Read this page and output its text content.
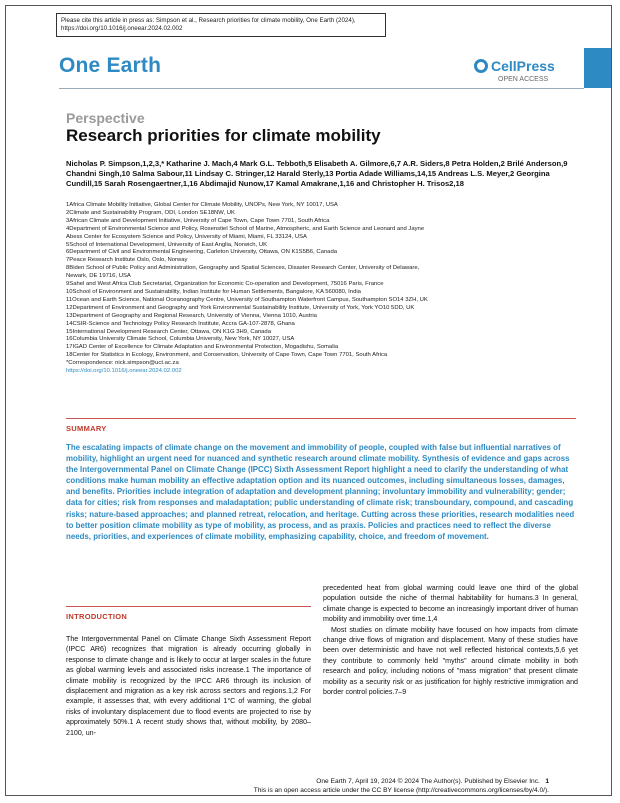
Please cite this article in press as: Simpson et al., Research priorities for climate mobility, One Earth (2024), https://doi.org/10.1016/j.oneear.2024.02.002
One Earth	CellPress
OPEN ACCESS
Perspective
Research priorities for climate mobility
Nicholas P. Simpson,1,2,3,* Katharine J. Mach,4 Mark G.L. Tebboth,5 Elisabeth A. Gilmore,6,7 A.R. Siders,8 Petra Holden,2 Brilé Anderson,9 Chandni Singh,10 Salma Sabour,11 Lindsay C. Stringer,12 Harald Sterly,13 Portia Adade Williams,14,15 Andreas L.S. Meyer,2 Georgina Cundill,15 Sarah Rosengaertner,1,16 Abdimajid Nunow,17 Kamal Amakrane,1,16 and Christopher H. Trisos2,18
1Africa Climate Mobility Initiative, Global Center for Climate Mobility, UNOPs, New York, NY 10017, USA
2Climate and Sustainability Program, ODI, London SE18NW, UK
3African Climate and Development Initiative, University of Cape Town, Cape Town 7701, South Africa
4Department of Environmental Science and Policy, Rosenstiel School of Marine, Atmospheric, and Earth Science and Leonard and Jayne
Abess Center for Ecosystem Science and Policy, University of Miami, Miami, FL 33124, USA
5School of International Development, University of East Anglia, Norwich, UK
6Department of Civil and Environmental Engineering, Carleton University, Ottawa, ON K1S5B6, Canada
7Peace Research Institute Oslo, Oslo, Norway
8Biden School of Public Policy and Administration, Geography and Spatial Sciences, Disaster Research Center, University of Delaware,
Newark, DE 19716, USA
9Sahel and West Africa Club Secretariat, Organization for Economic Co-operation and Development, 75016 Paris, France
10School of Environment and Sustainability, Indian Institute for Human Settlements, Bangalore, KA 560080, India
11Ocean and Earth Science, National Oceanography Centre, University of Southampton Waterfront Campus, Southampton SO14 3ZH, UK
12Department of Environment and Geography and York Environmental Sustainability Institute, University of York, York YO10 5DD, UK
13Department of Geography and Regional Research, University of Vienna, Vienna 1010, Austria
14CSIR-Science and Technology Policy Research Institute, Accra GA-107-2878, Ghana
15International Development Research Center, Ottawa, ON K1G 3H9, Canada
16Columbia University Climate School, Columbia University, New York, NY 10027, USA
17IGAD Center of Excellence for Climate Adaptation and Environmental Protection, Mogadishu, Somalia
18Center for Statistics in Ecology, Environment, and Conservation, University of Cape Town, Cape Town 7701, South Africa
*Correspondence: nick.simpson@uct.ac.za
https://doi.org/10.1016/j.oneear.2024.02.002
SUMMARY
The escalating impacts of climate change on the movement and immobility of people, coupled with false but influential narratives of mobility, highlight an urgent need for nuanced and synthetic research around climate mobility. Synthesis of evidence and gaps across the Intergovernmental Panel on Climate Change (IPCC) Sixth Assessment Report highlight a need to clarify the understanding of what conditions make human mobility an effective adaptation option and its nuanced outcomes, including simultaneous losses, damages, and benefits. Priorities include integration of adaptation and development planning; involuntary immobility and vulnerability; gender; data for cities; risk from responses and maladaptation; public understanding of climate risk; transboundary, compound, and cascading risks; nature-based approaches; and planned retreat, relocation, and heritage. Cutting across these priorities, research modalities need to better position climate mobility as type of mobility, as process, and as praxis. Policies and practices need to reflect the diverse needs, priorities, and experiences of climate mobility, emphasizing capability, choice, and freedom of movement.
INTRODUCTION
The Intergovernmental Panel on Climate Change Sixth Assessment Report (IPCC AR6) recognizes that migration is already occurring globally in response to climate change and is likely to occur at larger scales in the future as global warming levels and associated risks increase.1 The importance of climate mobility is recognized by the IPCC AR6 through its inclusion of displacement and migration as a key risk across sectors and regions.1,2 For example, it assesses that, with every additional 1°C of warming, the global risks of involuntary displacement due to flood events are projected to rise by approximately 50%.1 A recent study shows that, without mobility, by 2080–2100, un-
precedented heat from global warming could leave one third of the global population outside the niche of thermal habitability for humans.3 In general, climate change is expected to become an increasingly important driver of human mobility and immobility over time.1,4
Most studies on climate mobility have focused on how impacts from climate change drive flows of migration and displacement. Many of these studies have been over deterministic and have not well reflected historical contexts,5,6 yet they contribute to commonly held "myths" around climate mobility in both research and policy, including notions of "mass migration" that present climate mobility as a security risk or as justification for highly restrictive immigration and border control policies.7–9
One Earth 7, April 19, 2024 © 2024 The Author(s). Published by Elsevier Inc. 1
This is an open access article under the CC BY license (http://creativecommons.org/licenses/by/4.0/).
